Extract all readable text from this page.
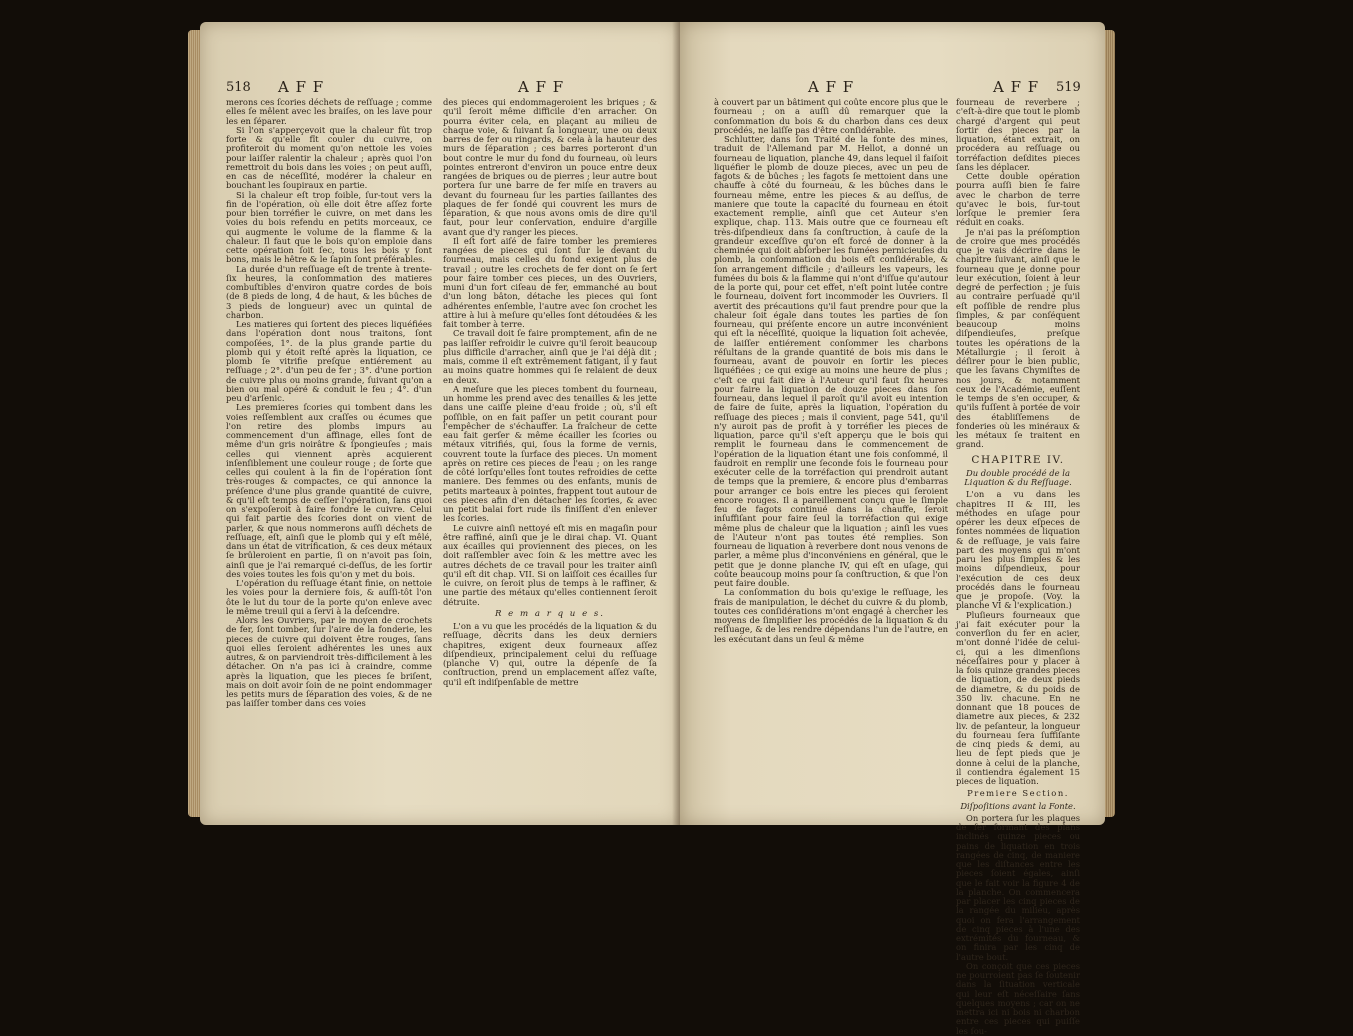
518 A F F	A F F

merons ces ſcories déchets de reſſuage ; comme elles ſe mêlent avec les braiſes, on les lave pour les en ſéparer.

Si l'on s'apperçevoit que la chaleur fût trop forte & qu'elle fît couler du cuivre, on profiteroit du moment qu'on nettoie les voies pour laiſſer ralentir la chaleur ; après quoi l'on remettroit du bois dans les voies ; on peut auſſi, en cas de néceſſité, modérer la chaleur en bouchant les ſoupiraux en partie.

Si la chaleur eſt trop foible, ſur-tout vers la fin de l'opération, où elle doit être aſſez forte pour bien torréfier le cuivre, on met dans les voies du bois refendu en petits morceaux, ce qui augmente le volume de la flamme & la chaleur. Il faut que le bois qu'on emploie dans cette opération ſoit ſec, tous les bois y ſont bons, mais le hêtre & le ſapin ſont préférables.

La durée d'un reſſuage eſt de trente à trente-ſix heures, la conſommation des matieres combuſtibles d'environ quatre cordes de bois (de 8 pieds de long, 4 de haut, & les bûches de 3 pieds de longueur) avec un quintal de charbon.

Les matieres qui ſortent des pieces liquéfiées dans l'opération dont nous traitons, ſont compoſées, 1°. de la plus grande partie du plomb qui y étoit reſté après la liquation, ce plomb ſe vitrifie preſque entiérement au reſſuage ; 2°. d'un peu de fer ; 3°. d'une portion de cuivre plus ou moins grande, ſuivant qu'on a bien ou mal opéré & conduit le feu ; 4°. d'un peu d'arſenic.

Les premieres ſcories qui tombent dans les voies reſſemblent aux craſſes ou écumes que l'on retire des plombs impurs au commencement d'un affinage, elles ſont de même d'un gris noirâtre & ſpongieuſes ; mais celles qui viennent après acquierent inſenſiblement une couleur rouge ; de ſorte que celles qui coulent à la fin de l'opération ſont très-rouges & compactes, ce qui annonce la préſence d'une plus grande quantité de cuivre, & qu'il eſt temps de ceſſer l'opération, ſans quoi on s'expoſeroit à faire fondre le cuivre. Celui qui fait partie des ſcories dont on vient de parler, & que nous nommerons auſſi déchets de reſſuage, eſt, ainſi que le plomb qui y eſt mêlé, dans un état de vitrification, & ces deux métaux ſe brûleroient en partie, ſi on n'avoit pas ſoin, ainſi que je l'ai remarqué ci-deſſus, de les ſortir des voies toutes les fois qu'on y met du bois.

L'opération du reſſuage étant finie, on nettoie les voies pour la derniere fois, & auſſi-tôt l'on ôte le lut du tour de la porte qu'on enleve avec le même treuil qui a ſervi à la deſcendre.

Alors les Ouvriers, par le moyen de crochets de fer, ſont tomber, ſur l'aire de la fonderie, les pieces de cuivre qui doivent être rouges, ſans quoi elles ſeroient adhérentes les unes aux autres, & on parviendroit très-difficilement à les détacher. On n'a pas ici à craindre, comme après la liquation, que les pieces ſe briſent, mais on doit avoir ſoin de ne point endommager les petits murs de ſéparation des voies, & de ne pas laiſſer tomber dans ces voies

des pieces qui endommageroient les briques ; & qu'il ſeroit même difficile d'en arracher. On pourra éviter cela, en plaçant au milieu de chaque voie, & ſuivant ſa longueur, une ou deux barres de fer ou ringards, & cela à la hauteur des murs de ſéparation ; ces barres porteront d'un bout contre le mur du fond du fourneau, où leurs pointes entreront d'environ un pouce entre deux rangées de briques ou de pierres ; leur autre bout portera ſur une barre de fer miſe en travers au devant du fourneau ſur les parties ſaillantes des plaques de fer ſondé qui couvrent les murs de ſéparation, & que nous avons omis de dire qu'il faut, pour leur conſervation, enduire d'argille avant que d'y ranger les pieces.

Il eſt fort aiſé de faire tomber les premieres rangées de pieces qui ſont ſur le devant du fourneau, mais celles du fond exigent plus de travail ; outre les crochets de fer dont on ſe ſert pour faire tomber ces pieces, un des Ouvriers, muni d'un fort ciſeau de fer, emmanché au bout d'un long bâton, détache les pieces qui ſont adhérentes enſemble, l'autre avec ſon crochet les attire à lui à meſure qu'elles ſont détoudées & les fait tomber à terre.

Ce travail doit ſe faire promptement, afin de ne pas laiſſer refroidir le cuivre qu'il ſeroit beaucoup plus difficile d'arracher, ainſi que je l'ai déjà dit ; mais, comme il eſt extrêmement fatigant, il y faut au moins quatre hommes qui ſe relaient de deux en deux.

A meſure que les pieces tombent du fourneau, un homme les prend avec des tenailles & les jette dans une caiſſe pleine d'eau froide ; où, s'il eſt poſſible, on en fait paſſer un petit courant pour l'empêcher de s'échauffer. La fraîcheur de cette eau fait gerſer & même écailler les ſcories ou métaux vitrifiés, qui, ſous la forme de vernis, couvrent toute la ſurface des pieces. Un moment après on retire ces pieces de l'eau ; on les range de côté lorſqu'elles ſont toutes refroidies de cette maniere. Des femmes ou des enfants, munis de petits marteaux à pointes, frappent tout autour de ces pieces afin d'en détacher les ſcories, & avec un petit balai fort rude ils finiſſent d'en enlever les ſcories.

Le cuivre ainſi nettoyé eſt mis en magaſin pour être raffiné, ainſi que je le dirai chap. VI. Quant aux écailles qui proviennent des pieces, on les doit raſſembler avec ſoin & les mettre avec les autres déchets de ce travail pour les traiter ainſi qu'il eſt dit chap. VII. Si on laiſſoit ces écailles ſur le cuivre, on ſeroit plus de temps à le raffiner, & une partie des métaux qu'elles contiennent ſeroit détruite.

R e m a r q u e s.

L'on a vu que les procédés de la liquation & du reſſuage, décrits dans les deux derniers chapitres, exigent deux fourneaux aſſez diſpendieux, principalement celui du reſſuage (planche V) qui, outre la dépenſe de ſa conſtruction, prend un emplacement aſſez vaſte, qu'il eſt indiſpenſable de mettre

A F F	A F F 519

à couvert par un bâtiment qui coûte encore plus que le fourneau ; on a auſſi dû remarquer que la conſommation du bois & du charbon dans ces deux procédés, ne laiſſe pas d'être conſidérable.

Schlutter, dans ſon Traité de la fonte des mines, traduit de l'Allemand par M. Hellot, a donné un fourneau de liquation, planche 49, dans lequel il faiſoit liquéfier le plomb de douze pieces, avec un peu de fagots & de bûches ; les fagots ſe mettoient dans une chauffe à côté du fourneau, & les bûches dans le fourneau même, entre les pieces & au deſſus, de maniere que toute la capacité du fourneau en étoit exactement remplie, ainſi que cet Auteur s'en explique, chap. 113. Mais outre que ce fourneau eſt très-diſpendieux dans ſa conſtruction, à cauſe de la grandeur exceſſive qu'on eſt forcé de donner à la cheminée qui doit abſorber les fumées pernicieuſes du plomb, la conſommation du bois eſt conſidérable, & ſon arrangement difficile ; d'ailleurs les vapeurs, les fumées du bois & la flamme qui n'ont d'iſſue qu'autour de la porte qui, pour cet effet, n'eſt point lutée contre le fourneau, doivent fort incommoder les Ouvriers. Il avertit des précautions qu'il faut prendre pour que la chaleur ſoit égale dans toutes les parties de ſon fourneau, qui préſente encore un autre inconvénient qui eſt la néceſſité, quoique la liquation ſoit achevée, de laiſſer entiérement conſommer les charbons réſultans de la grande quantité de bois mis dans le fourneau, avant de pouvoir en ſortir les pieces liquéfiées ; ce qui exige au moins une heure de plus ; c'eſt ce qui fait dire à l'Auteur qu'il faut ſix heures pour faire la liquation de douze pieces dans ſon fourneau, dans lequel il paroît qu'il avoit eu intention de faire de ſuite, après la liquation, l'opération du reſſuage des pieces ; mais il convient, page 541, qu'il n'y auroit pas de profit à y torréfier les pieces de liquation, parce qu'il s'eſt apperçu que le bois qui remplit le fourneau dans le commencement de l'opération de la liquation étant une fois conſommé, il faudroit en remplir une ſeconde fois le fourneau pour exécuter celle de la torréfaction qui prendroit autant de temps que la premiere, & encore plus d'embarras pour arranger ce bois entre les pieces qui ſeroient encore rouges. Il a pareillement conçu que le ſimple feu de fagots continué dans la chauffe, ſeroit inſuffiſant pour faire ſeul la torréfaction qui exige même plus de chaleur que la liquation ; ainſi les vues de l'Auteur n'ont pas toutes été remplies. Son fourneau de liquation à reverbere dont nous venons de parler, a même plus d'inconvéniens en général, que le petit que je donne planche IV, qui eſt en uſage, qui coûte beaucoup moins pour ſa conſtruction, & que l'on peut faire double.

La conſommation du bois qu'exige le reſſuage, les frais de manipulation, le déchet du cuivre & du plomb, toutes ces conſidérations m'ont engagé à chercher les moyens de ſimplifier les procédés de la liquation & du reſſuage, & de les rendre dépendans l'un de l'autre, en les exécutant dans un ſeul & même

fourneau de reverbere ; c'eſt-à-dire que tout le plomb chargé d'argent qui peut ſortir des pieces par la liquation, étant extrait, on procédera au reſſuage ou torréfaction deſdites pieces ſans les déplacer.

Cette double opération pourra auſſi bien ſe faire avec le charbon de terre qu'avec le bois, ſur-tout lorſque le premier ſera réduit en coaks.

Je n'ai pas la préſomption de croire que mes procédés que je vais décrire dans le chapitre ſuivant, ainſi que le fourneau que je donne pour leur exécution, ſoient à leur degré de perfection ; je ſuis au contraire perſuadé qu'il eſt poſſible de rendre plus ſimples, & par conſéquent beaucoup moins diſpendieuſes, preſque toutes les opérations de la Métallurgie ; il ſeroit à déſirer pour le bien public, que les ſavans Chymiſtes de nos jours, & notamment ceux de l'Académie, euſſent le temps de s'en occuper, & qu'ils fuſſent à portée de voir des établiſſemens de fonderies où les minéraux & les métaux ſe traitent en grand.

CHAPITRE IV.

Du double procédé de la Liquation & du Reſſuage.

L'on a vu dans les chapitres II & III, les méthodes en uſage pour opérer les deux eſpeces de fontes nommées de liquation & de reſſuage, je vais faire part des moyens qui m'ont paru les plus ſimples & les moins diſpendieux, pour l'exécution de ces deux procédés dans le fourneau que je propoſe. (Voy. la planche VI & l'explication.)

Pluſieurs fourneaux que j'ai fait exécuter pour la converſion du fer en acier, m'ont donné l'idée de celui-ci, qui a les dimenſions néceſſaires pour y placer à la fois quinze grandes pieces de liquation, de deux pieds de diametre, & du poids de 350 liv. chacune. En ne donnant que 18 pouces de diametre aux pieces, & 232 liv. de peſanteur, la longueur du fourneau ſera ſuffiſante de cinq pieds & demi, au lieu de ſept pieds que je donne à celui de la planche, il contiendra également 15 pieces de liquation.

Premiere Section.

Diſpoſitions avant la Fonte.

On portera ſur les plaques de fer formant des plans inclinés quinze pieces ou pains de liquation en trois rangées de cinq, de maniere que les diſtances entre les pieces ſoient égales, ainſi que le fait voir la figure 4 de la planche. On commencera par placer les cinq pieces de la rangée du milieu, après quoi on fera l'arrangement de cinq pieces à l'une des extrémités du fourneau, & on finira par les cinq de l'autre bout.

On conçoit que ces pieces ne pourroient pas ſe ſoutenir dans la ſituation verticale qui leur eſt néceſſaire ſans quelques moyens ; car on ne mettra ici ni bois ni charbon entre ces pieces qui puiſſe les ſou-
